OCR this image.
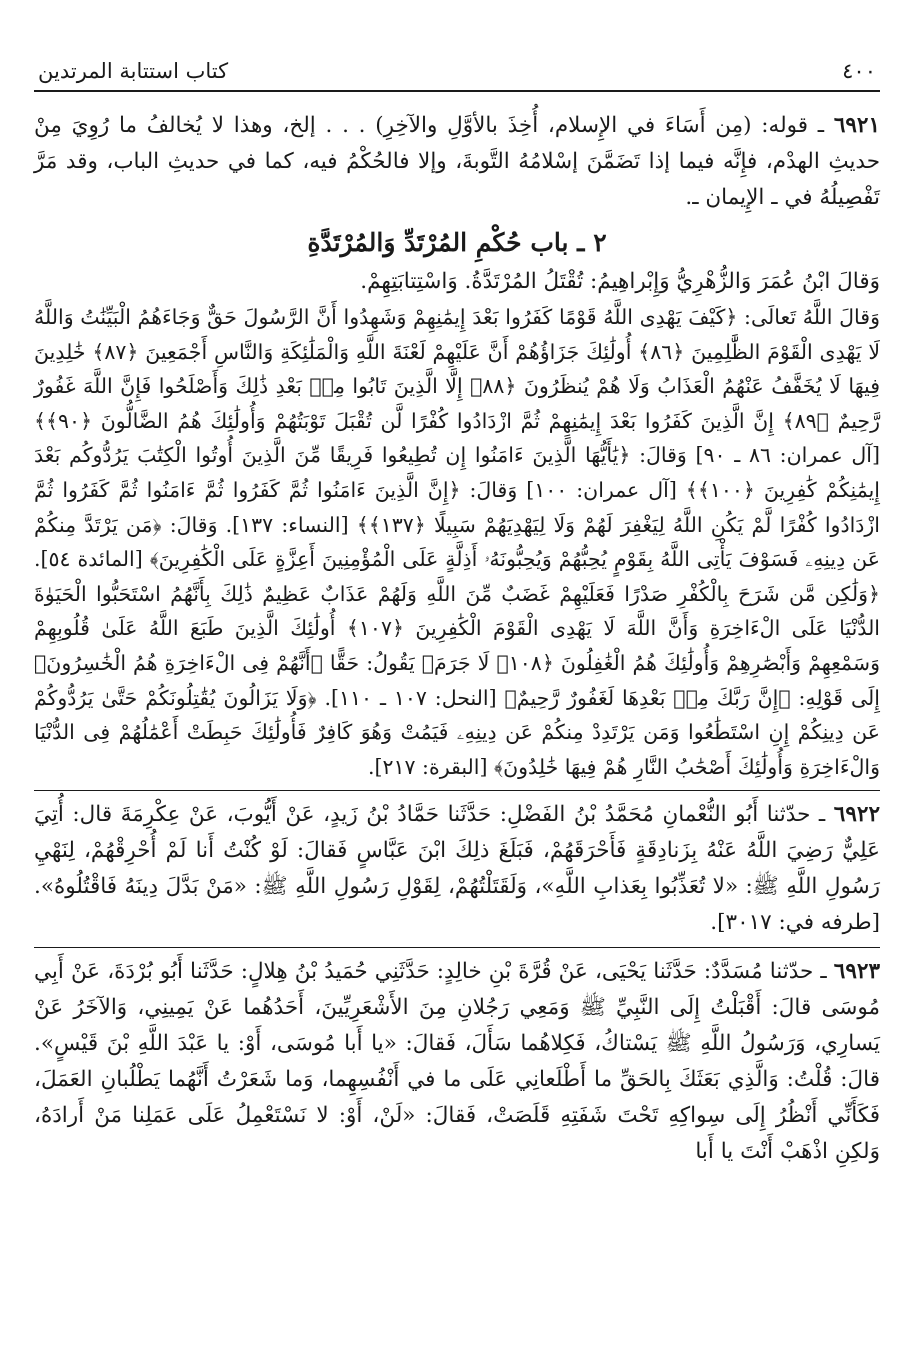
٤٠٠
كتاب استتابة المرتدين

٦٩٢١ ـ قوله: (مِن أَسَاءَ في الإِسلام، أُخِذَ بالأوَّلِ والآخِرِ) . . . إلخ، وهذا لا يُخالفُ ما رُوِيَ مِنْ حديثِ الهدْم، فإِنَّه فيما إذا تَضَمَّنَ إسْلامُهُ التَّوبةَ، وإلا فالحُكْمُ فيه، كما في حديثِ الباب، وقد مَرَّ تَفْصِيلُهُ في ـ الإِيمان ـ.

٢ ـ باب حُكْمِ المُرْتَدِّ وَالمُرْتَدَّةِ

وَقالَ ابْنُ عُمَرَ وَالزُّهْرِيُّ وَإِبْراهِيمُ: تُقْتَلُ المُرْتَدَّةُ. وَاسْتِتابَتِهِمْ.

وَقالَ اللَّهُ تَعالَى: ﴿كَيْفَ يَهْدِى اللَّهُ قَوْمًا كَفَرُوا بَعْدَ إِيمَٰنِهِمْ وَشَهِدُوا أَنَّ الرَّسُولَ حَقٌّ وَجَاءَهُمُ الْبَيِّنَٰتُ وَاللَّهُ لَا يَهْدِى الْقَوْمَ الظَّٰلِمِينَ ﴿٨٦﴾ أُولَٰئِكَ جَزَاؤُهُمْ أَنَّ عَلَيْهِمْ لَعْنَةَ اللَّهِ وَالْمَلَٰئِكَةِ وَالنَّاسِ أَجْمَعِينَ ﴿٨٧﴾ خَٰلِدِينَ فِيهَا لَا يُخَفَّفُ عَنْهُمُ الْعَذَابُ وَلَا هُمْ يُنظَرُونَ ﴿٨٨﴾ إِلَّا الَّذِينَ تَابُوا مِنۢ بَعْدِ ذَٰلِكَ وَأَصْلَحُوا فَإِنَّ اللَّهَ غَفُورٌ رَّحِيمٌ ﴿٨٩﴾ إِنَّ الَّذِينَ كَفَرُوا بَعْدَ إِيمَٰنِهِمْ ثُمَّ ازْدَادُوا كُفْرًا لَّن تُقْبَلَ تَوْبَتُهُمْ وَأُولَٰئِكَ هُمُ الضَّالُّونَ ﴿٩٠﴾﴾ [آل عمران: ٨٦ ـ ٩٠] وَقالَ: ﴿يَٰأَيُّهَا الَّذِينَ ءَامَنُوا إِن تُطِيعُوا فَرِيقًا مِّنَ الَّذِينَ أُوتُوا الْكِتَٰبَ يَرُدُّوكُم بَعْدَ إِيمَٰنِكُمْ كَٰفِرِينَ ﴿١٠٠﴾﴾ [آل عمران: ١٠٠] وَقالَ: ﴿إِنَّ الَّذِينَ ءَامَنُوا ثُمَّ كَفَرُوا ثُمَّ ءَامَنُوا ثُمَّ كَفَرُوا ثُمَّ ازْدَادُوا كُفْرًا لَّمْ يَكُنِ اللَّهُ لِيَغْفِرَ لَهُمْ وَلَا لِيَهْدِيَهُمْ سَبِيلًا ﴿١٣٧﴾﴾ [النساء: ١٣٧]. وَقالَ: ﴿مَن يَرْتَدَّ مِنكُمْ عَن دِينِهِۦ فَسَوْفَ يَأْتِى اللَّهُ بِقَوْمٍ يُحِبُّهُمْ وَيُحِبُّونَهُۥ أَذِلَّةٍ عَلَى الْمُؤْمِنِينَ أَعِزَّةٍ عَلَى الْكَٰفِرِينَ﴾ [المائدة ٥٤]. ﴿وَلَٰكِن مَّن شَرَحَ بِالْكُفْرِ صَدْرًا فَعَلَيْهِمْ غَضَبٌ مِّنَ اللَّهِ وَلَهُمْ عَذَابٌ عَظِيمٌ ذَٰلِكَ بِأَنَّهُمُ اسْتَحَبُّوا الْحَيَوٰةَ الدُّنْيَا عَلَى الْءَاخِرَةِ وَأَنَّ اللَّهَ لَا يَهْدِى الْقَوْمَ الْكَٰفِرِينَ ﴿١٠٧﴾ أُولَٰئِكَ الَّذِينَ طَبَعَ اللَّهُ عَلَىٰ قُلُوبِهِمْ وَسَمْعِهِمْ وَأَبْصَٰرِهِمْ وَأُولَٰئِكَ هُمُ الْغَٰفِلُونَ ﴿١٠٨﴾ لَا جَرَمَ﴾ يَقُولُ: حَقًّا ﴿أَنَّهُمْ فِى الْءَاخِرَةِ هُمُ الْخَٰسِرُونَ﴾ إِلَى قَوْلِهِ: ﴿إِنَّ رَبَّكَ مِنۢ بَعْدِهَا لَغَفُورٌ رَّحِيمٌ﴾ [النحل: ١٠٧ ـ ١١٠]. ﴿وَلَا يَزَالُونَ يُقَٰتِلُونَكُمْ حَتَّىٰ يَرُدُّوكُمْ عَن دِينِكُمْ إِنِ اسْتَطَٰعُوا وَمَن يَرْتَدِدْ مِنكُمْ عَن دِينِهِۦ فَيَمُتْ وَهُوَ كَافِرٌ فَأُولَٰئِكَ حَبِطَتْ أَعْمَٰلُهُمْ فِى الدُّنْيَا وَالْءَاخِرَةِ وَأُولَٰئِكَ أَصْحَٰبُ النَّارِ هُمْ فِيهَا خَٰلِدُونَ﴾ [البقرة: ٢١٧].

٦٩٢٢ ـ حدّثنا أَبُو النُّعْمانِ مُحَمَّدُ بْنُ الفَضْلِ: حَدَّثَنا حَمَّادُ بْنُ زَيدٍ، عَنْ أَيُّوبَ، عَنْ عِكْرِمَةَ قال: أُتِيَ عَلِيٌّ رَضِيَ اللَّهُ عَنْهُ بِزَنادِقَةٍ فَأَحْرَقَهُمْ، فَبَلَغَ ذلِكَ ابْنَ عَبَّاسٍ فَقالَ: لَوْ كُنْتُ أَنا لَمْ أُحْرِقْهُمْ، لِنَهْيِ رَسُولِ اللَّهِ ﷺ: «لا تُعَذِّبُوا بِعَذابِ اللَّهِ»، وَلَقَتَلْتُهُمْ، لِقَوْلِ رَسُولِ اللَّهِ ﷺ: «مَنْ بَدَّلَ دِينَهُ فَاقْتُلُوهُ». [طرفه في: ٣٠١٧].

٦٩٢٣ ـ حدّثنا مُسَدَّدٌ: حَدَّثَنا يَحْيَى، عَنْ قُرَّةَ بْنِ خالِدٍ: حَدَّثَنِي حُمَيدُ بْنُ هِلالٍ: حَدَّثَنا أَبُو بُرْدَةَ، عَنْ أَبِي مُوسَى قالَ: أَقْبَلْتُ إِلَى النَّبِيِّ ﷺ وَمَعِي رَجُلانِ مِنَ الأَشْعَرِيِّينَ، أَحَدُهُما عَنْ يَمِينِي، وَالآخَرُ عَنْ يَسارِي، وَرَسُولُ اللَّهِ ﷺ يَسْتاكُ، فَكِلاهُما سَأَلَ، فَقالَ: «يا أَبا مُوسَى، أَوْ: يا عَبْدَ اللَّهِ بْنَ قَيْسٍ». قالَ: قُلْتُ: وَالَّذِي بَعَثَكَ بِالحَقِّ ما أَطْلَعانِي عَلَى ما في أَنْفُسِهِما، وَما شَعَرْتُ أَنَّهُما يَطْلُبانِ العَمَلَ، فَكَأَنِّي أَنْظُرُ إِلَى سِواكِهِ تَحْتَ شَفَتِهِ قَلَصَتْ، فَقالَ: «لَنْ، أَوْ: لا نَسْتَعْمِلُ عَلَى عَمَلِنا مَنْ أَرادَهُ، وَلكِنِ اذْهَبْ أَنْتَ يا أَبا
